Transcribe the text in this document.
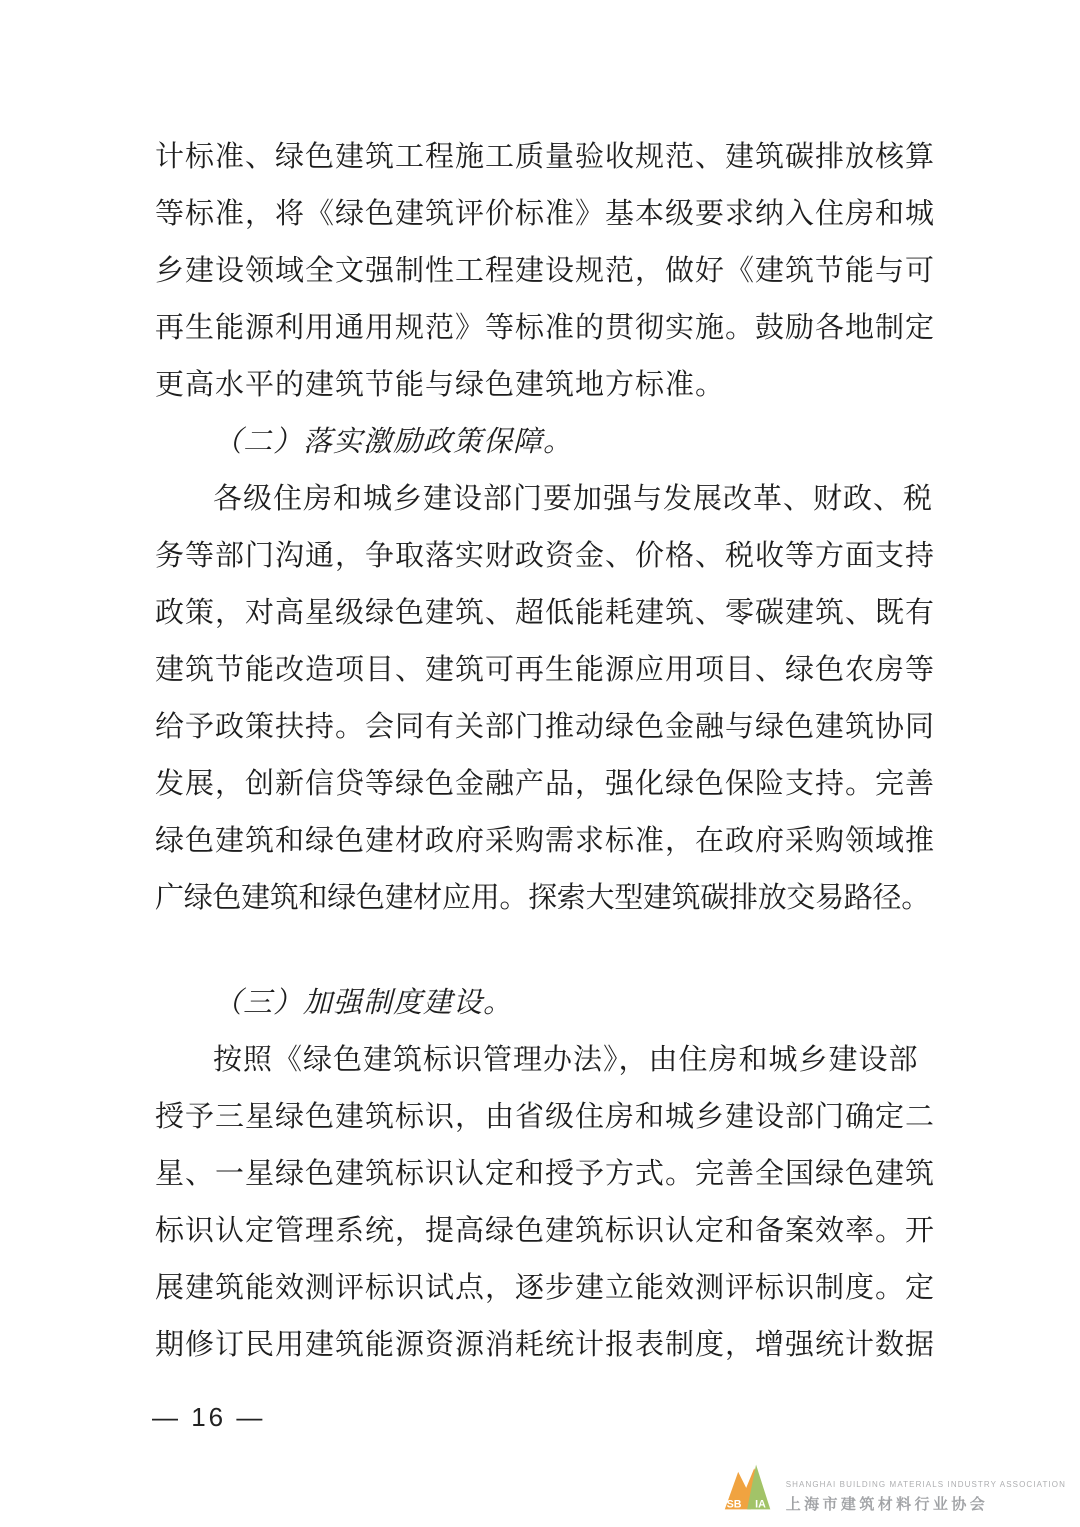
计标准、绿色建筑工程施工质量验收规范、建筑碳排放核算
等标准，将《绿色建筑评价标准》基本级要求纳入住房和城
乡建设领域全文强制性工程建设规范，做好《建筑节能与可
再生能源利用通用规范》等标准的贯彻实施。鼓励各地制定
更高水平的建筑节能与绿色建筑地方标准。
（二）落实激励政策保障。
各级住房和城乡建设部门要加强与发展改革、财政、税
务等部门沟通，争取落实财政资金、价格、税收等方面支持
政策，对高星级绿色建筑、超低能耗建筑、零碳建筑、既有
建筑节能改造项目、建筑可再生能源应用项目、绿色农房等
给予政策扶持。会同有关部门推动绿色金融与绿色建筑协同
发展，创新信贷等绿色金融产品，强化绿色保险支持。完善
绿色建筑和绿色建材政府采购需求标准，在政府采购领域推
广绿色建筑和绿色建材应用。探索大型建筑碳排放交易路径。
（三）加强制度建设。
按照《绿色建筑标识管理办法》，由住房和城乡建设部
授予三星绿色建筑标识，由省级住房和城乡建设部门确定二
星、一星绿色建筑标识认定和授予方式。完善全国绿色建筑
标识认定管理系统，提高绿色建筑标识认定和备案效率。开
展建筑能效测评标识试点，逐步建立能效测评标识制度。定
期修订民用建筑能源资源消耗统计报表制度，增强统计数据
— 16 —
SB IA
SHANGHAI BUILDING MATERIALS INDUSTRY ASSOCIATION
上海市建筑材料行业协会
